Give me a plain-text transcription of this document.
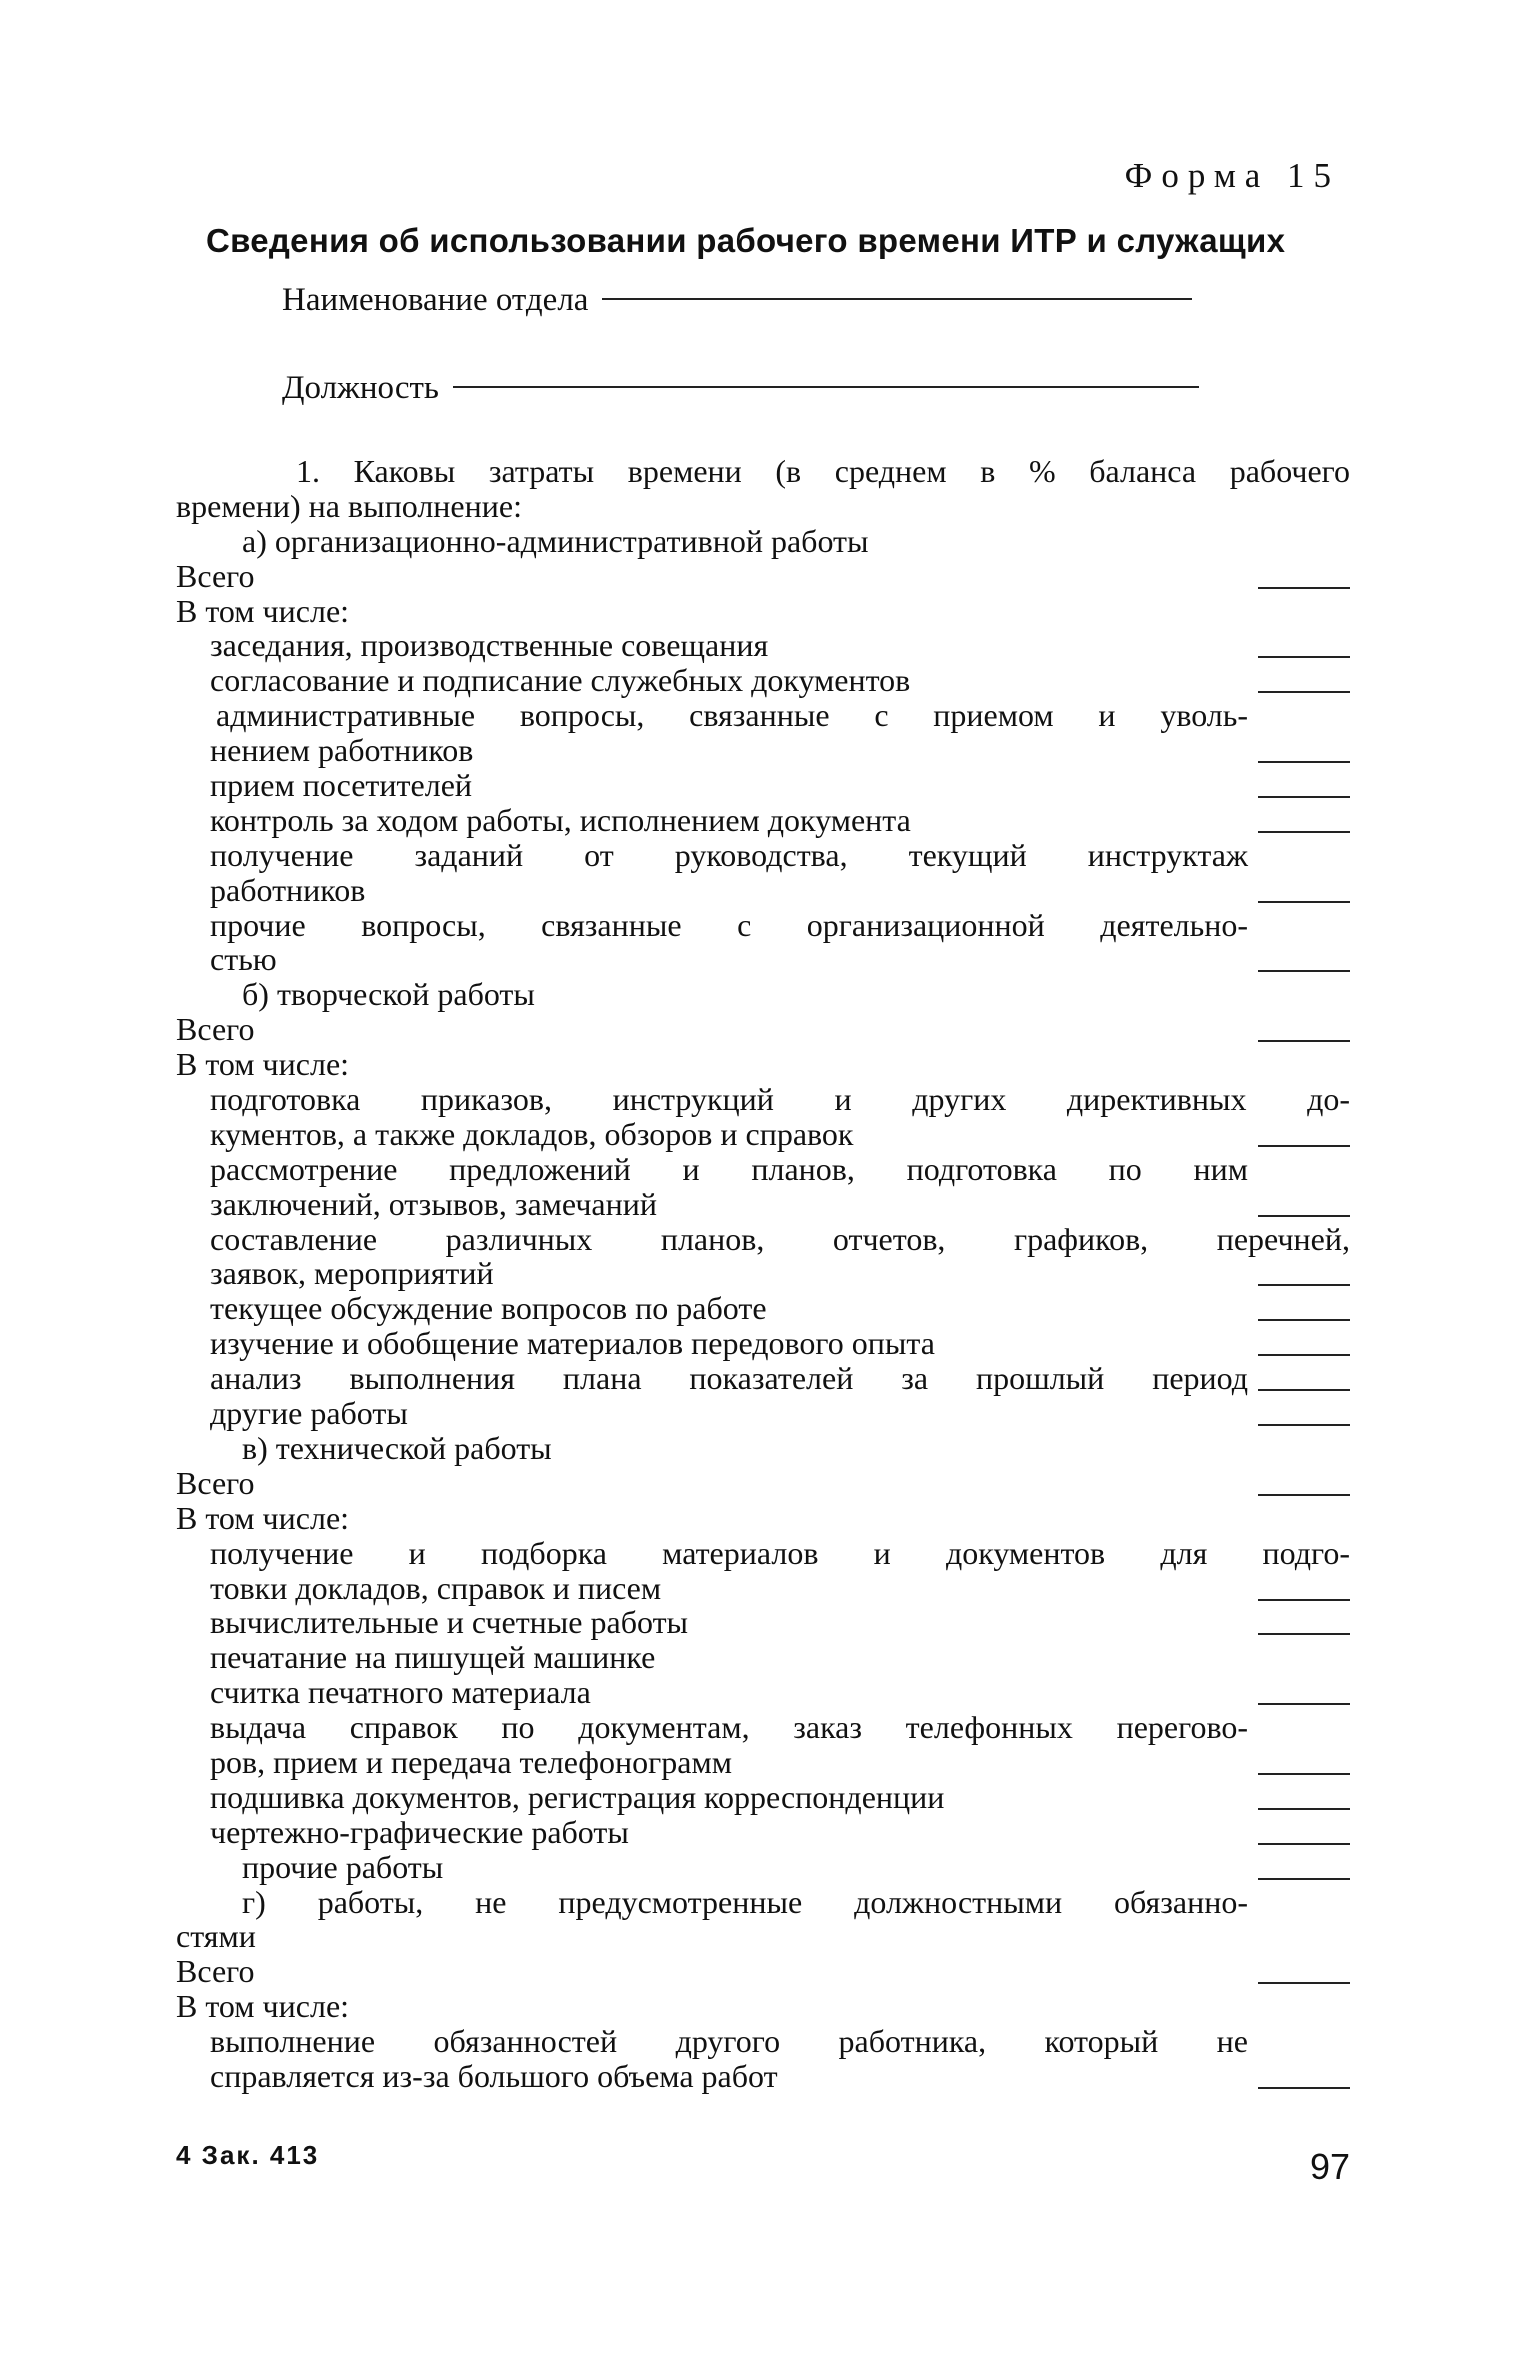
Форма 15
Сведения об использовании рабочего времени ИТР и служащих
Наименование отдела
Должность
1. Каковы затраты времени (в среднем в % баланса рабочего
времени) на выполнение:
а) организационно-административной работы
Всего
В том числе:
заседания, производственные совещания
согласование и подписание служебных документов
административные вопросы, связанные с приемом и уволь-
нением работников
прием посетителей
контроль за ходом работы, исполнением документа
получение заданий от руководства, текущий инструктаж
работников
прочие вопросы, связанные с организационной деятельно-
стью
б) творческой работы
Всего
В том числе:
подготовка приказов, инструкций и других директивных до-
кументов, а также докладов, обзоров и справок
рассмотрение предложений и планов, подготовка по ним
заключений, отзывов, замечаний
составление различных планов, отчетов, графиков, перечней,
заявок, мероприятий
текущее обсуждение вопросов по работе
изучение и обобщение материалов передового опыта
анализ выполнения плана показателей за прошлый период
другие работы
в) технической работы
Всего
В том числе:
получение и подборка материалов и документов для подго-
товки докладов, справок и писем
вычислительные и счетные работы
печатание на пишущей машинке
считка печатного материала
выдача справок по документам, заказ телефонных перегово-
ров, прием и передача телефонограмм
подшивка документов, регистрация корреспонденции
чертежно-графические работы
прочие работы
г) работы, не предусмотренные должностными обязанно-
стями
Всего
В том числе:
выполнение обязанностей другого работника, который не
справляется из-за большого объема работ
4 Зак. 413	97
